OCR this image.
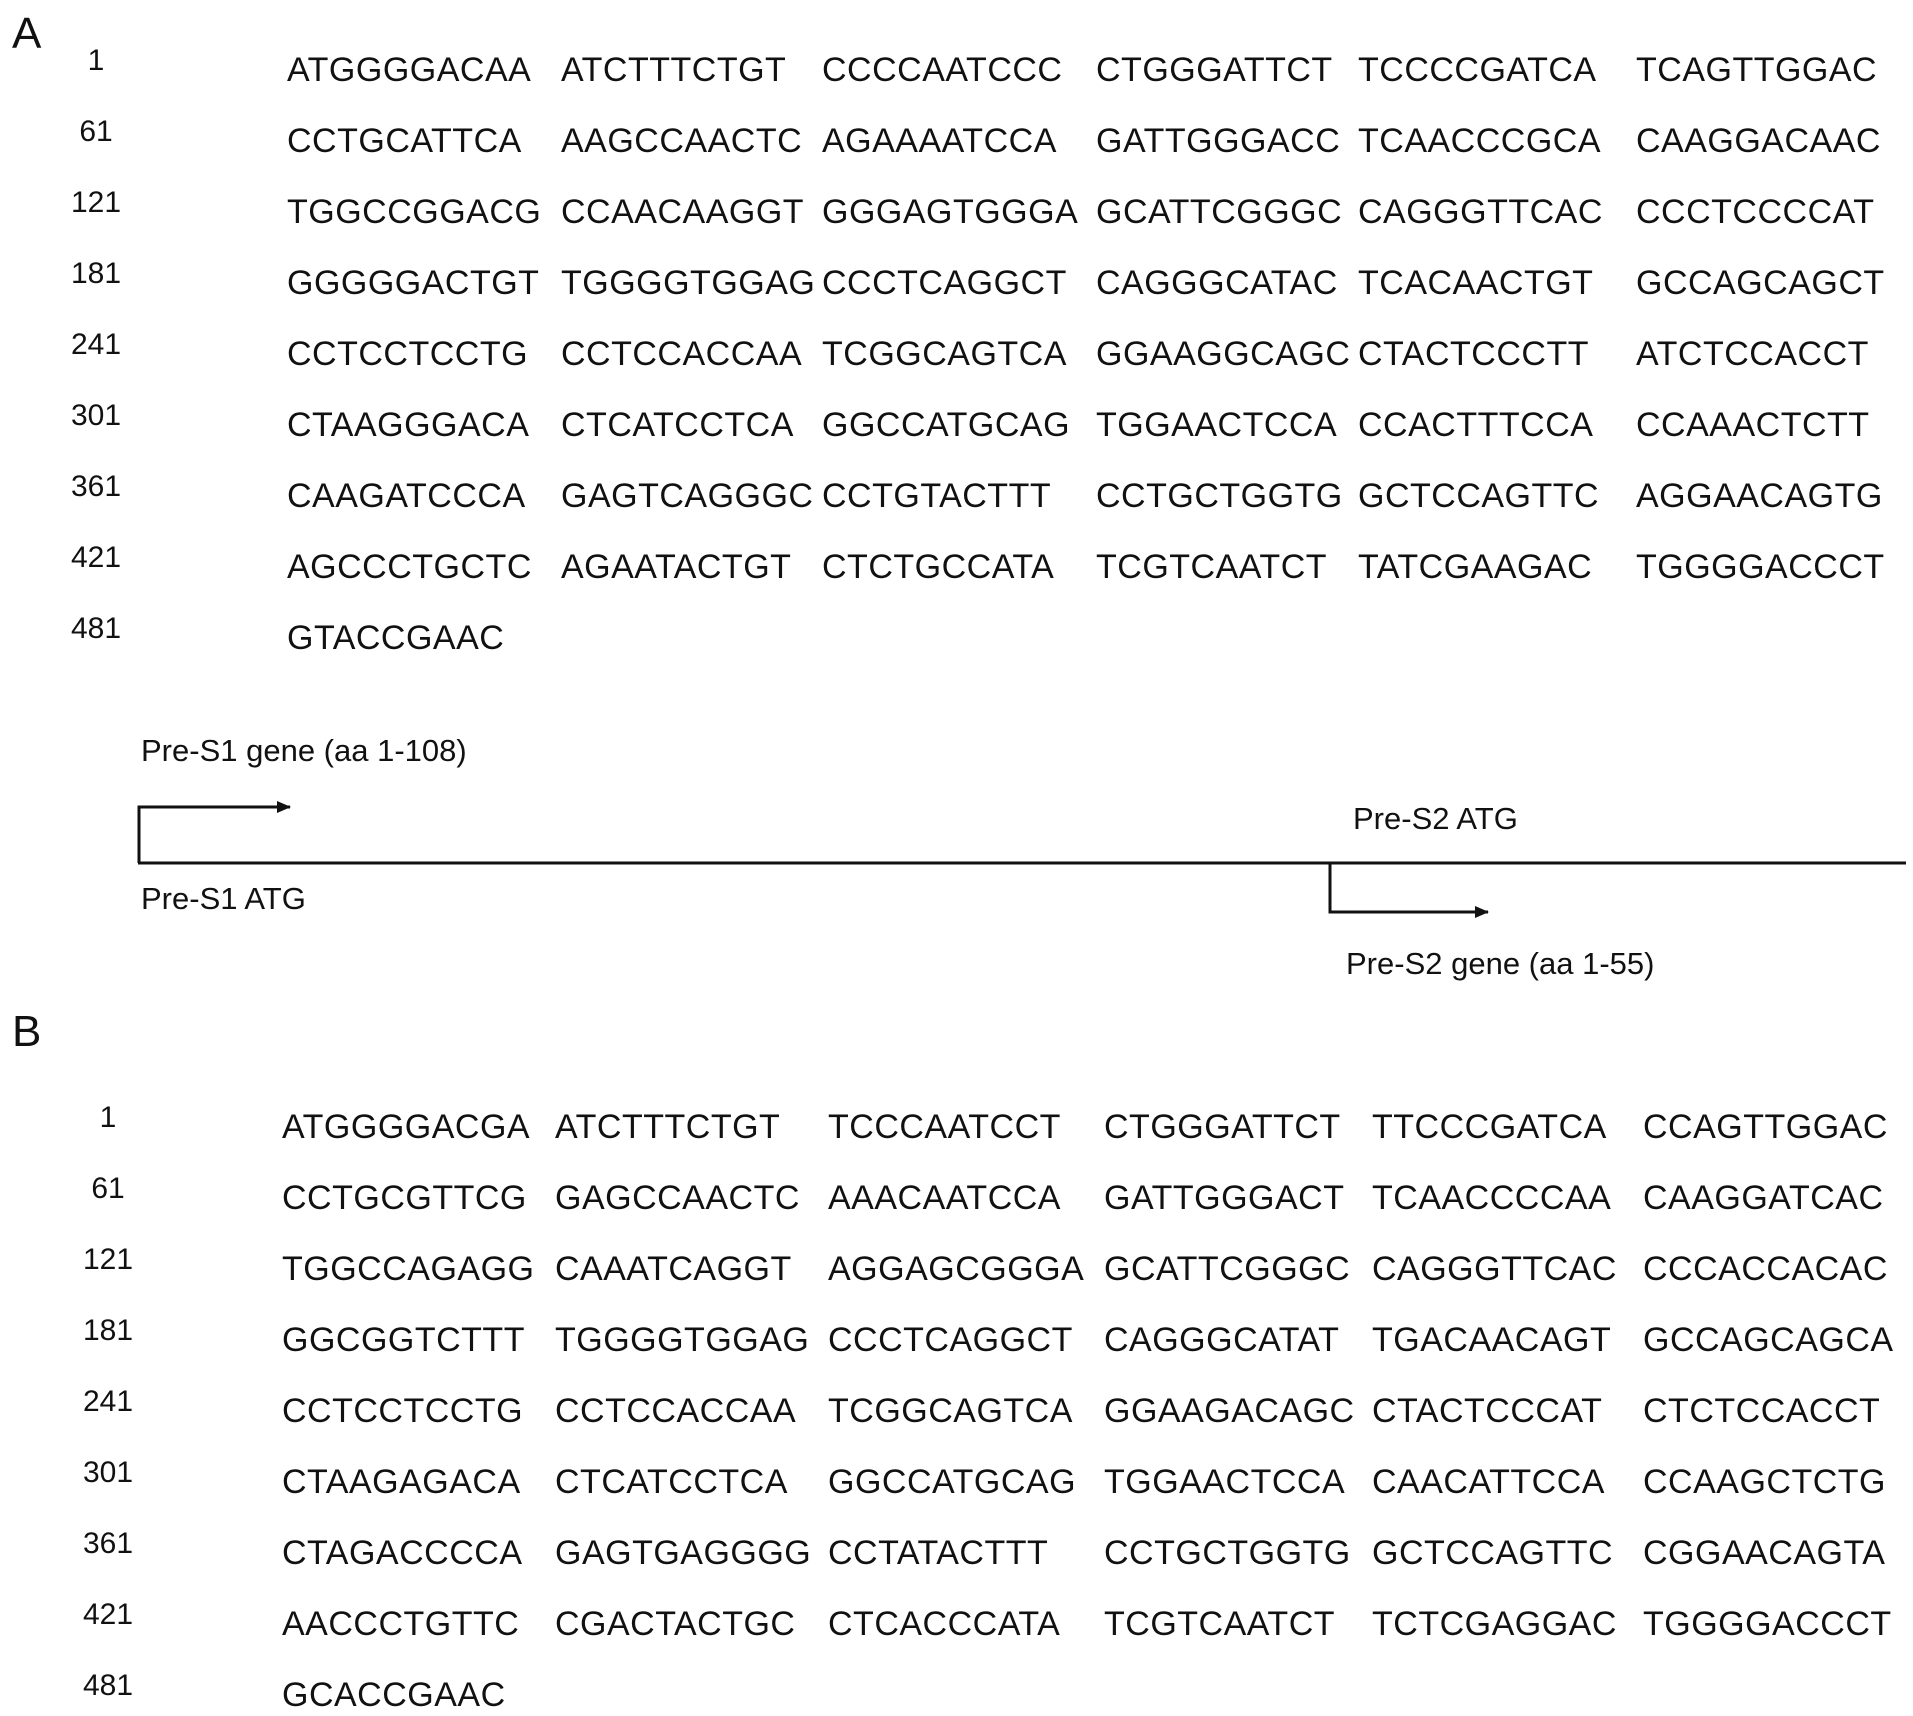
A
B
1	ATGGGGACAA ATCTTTCTGT CCCCAATCCC CTGGGATTCT TCCCCGATCA TCAGTTGGAC
61	CCTGCATTCA AAGCCAACTC AGAAAATCCA GATTGGGACC TCAACCCGCA CAAGGACAAC
121	TGGCCGGACG CCAACAAGGT GGGAGTGGGA GCATTCGGGC CAGGGTTCAC CCCTCCCCAT
181	GGGGGACTGT TGGGGTGGAG CCCTCAGGCT CAGGGCATAC TCACAACTGT GCCAGCAGCT
241	CCTCCTCCTG CCTCCACCAA TCGGCAGTCA GGAAGGCAGC CTACTCCCTT ATCTCCACCT
301	CTAAGGGACA CTCATCCTCA GGCCATGCAG TGGAACTCCA CCACTTTCCA CCAAACTCTT
361	CAAGATCCCA GAGTCAGGGC CCTGTACTTT CCTGCTGGTG GCTCCAGTTC AGGAACAGTG
421	AGCCCTGCTC AGAATACTGT CTCTGCCATA TCGTCAATCT TATCGAAGAC TGGGGACCCT
481	GTACCGAAC
1	ATGGGGACGA ATCTTTCTGT TCCCAATCCT CTGGGATTCT TTCCCGATCA CCAGTTGGAC
61	CCTGCGTTCG GAGCCAACTC AAACAATCCA GATTGGGACT TCAACCCCAA CAAGGATCAC
121	TGGCCAGAGG CAAATCAGGT AGGAGCGGGA GCATTCGGGC CAGGGTTCAC CCCACCACAC
181	GGCGGTCTTT TGGGGTGGAG CCCTCAGGCT CAGGGCATAT TGACAACAGT GCCAGCAGCA
241	CCTCCTCCTG CCTCCACCAA TCGGCAGTCA GGAAGACAGC CTACTCCCAT CTCTCCACCT
301	CTAAGAGACA CTCATCCTCA GGCCATGCAG TGGAACTCCA CAACATTCCA CCAAGCTCTG
361	CTAGACCCCA GAGTGAGGGG CCTATACTTT CCTGCTGGTG GCTCCAGTTC CGGAACAGTA
421	AACCCTGTTC CGACTACTGC CTCACCCATA TCGTCAATCT TCTCGAGGAC TGGGGACCCT
481	GCACCGAAC
Pre-S1 gene (aa 1-108)
Pre-S1 ATG
Pre-S2 ATG
Pre-S2 gene (aa 1-55)
